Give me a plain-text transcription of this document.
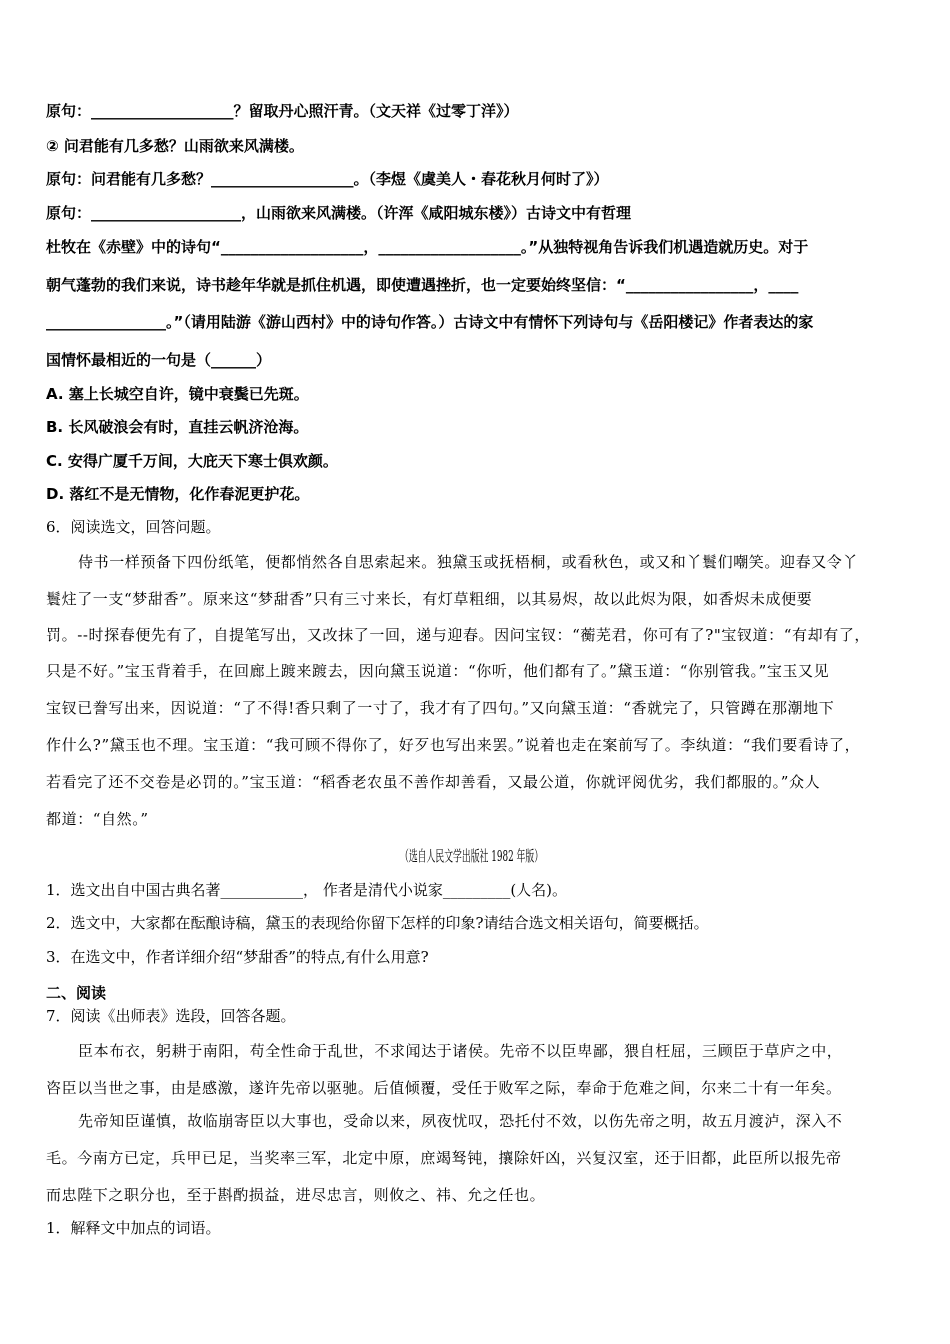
原句：___________________？留取丹心照汗青。（文天祥《过零丁洋》）
② 问君能有几多愁？山雨欲来风满楼。
原句：问君能有几多愁？___________________。（李煜《虞美人・春花秋月何时了》）
原句：____________________，山雨欲来风满楼。（许浑《咸阳城东楼》）古诗文中有哲理
杜牧在《赤壁》中的诗句“___________________，___________________。”从独特视角告诉我们机遇造就历史。对于
朝气蓬勃的我们来说，诗书趁年华就是抓住机遇，即使遭遇挫折，也一定要始终坚信：“_________________，____
________________。”（请用陆游《游山西村》中的诗句作答。）古诗文中有情怀下列诗句与《岳阳楼记》作者表达的家
国情怀最相近的一句是（______）
A. 塞上长城空自许，镜中衰鬓已先斑。
B. 长风破浪会有时，直挂云帆济沧海。
C. 安得广厦千万间，大庇天下寒士俱欢颜。
D. 落红不是无情物，化作春泥更护花。
6．阅读选文，回答问题。
侍书一样预备下四份纸笔，便都悄然各自思索起来。独黛玉或抚梧桐，或看秋色，或又和丫鬟们嘲笑。迎春又令丫
鬟炷了一支“梦甜香”。原来这“梦甜香”只有三寸来长，有灯草粗细，以其易烬，故以此烬为限，如香烬未成便要
罚。--时探春便先有了，自提笔写出，又改抹了一回，递与迎春。因问宝钗：“蘅芜君，你可有了?"宝钗道：“有却有了，
只是不好。”宝玉背着手，在回廊上踱来踱去，因向黛玉说道：“你听，他们都有了。”黛玉道：“你别管我。”宝玉又见
宝钗已誊写出来，因说道：“了不得!香只剩了一寸了，我才有了四句。”又向黛玉道：“香就完了，只管蹲在那潮地下
作什么?”黛玉也不理。宝玉道：“我可顾不得你了，好歹也写出来罢。”说着也走在案前写了。李纨道：“我们要看诗了，
若看完了还不交卷是必罚的。”宝玉道：“稻香老农虽不善作却善看，又最公道，你就评阅优劣，我们都服的。”众人
都道：“自然。”
（选自人民文学出版社 1982 年版）
1．选文出自中国古典名著___________， 作者是清代小说家_________(人名)。
2．选文中，大家都在酝酿诗稿，黛玉的表现给你留下怎样的印象?请结合选文相关语句，简要概括。
3．在选文中，作者详细介绍“梦甜香”的特点,有什么用意?
二、阅读
7．阅读《出师表》选段，回答各题。
臣本布衣，躬耕于南阳，苟全性命于乱世，不求闻达于诸侯。先帝不以臣卑鄙，猥自枉屈，三顾臣于草庐之中，
咨臣以当世之事，由是感激，遂许先帝以驱驰。后值倾覆，受任于败军之际，奉命于危难之间，尔来二十有一年矣。
先帝知臣谨慎，故临崩寄臣以大事也，受命以来，夙夜忧叹，恐托付不效，以伤先帝之明，故五月渡泸，深入不
毛。今南方已定，兵甲已足，当奖率三军，北定中原，庶竭驽钝，攘除奸凶，兴复汉室，还于旧都，此臣所以报先帝
而忠陛下之职分也，至于斟酌损益，进尽忠言，则攸之、祎、允之任也。
1．解释文中加点的词语。
